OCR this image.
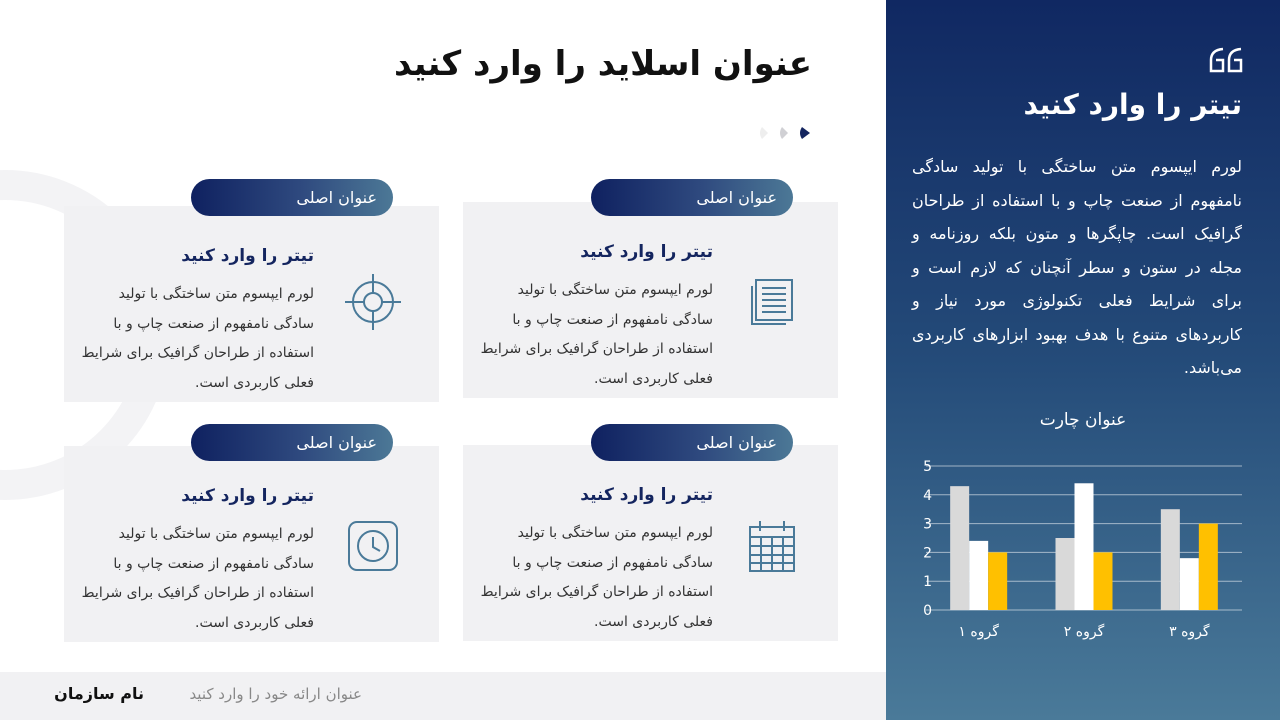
عنوان اسلاید را وارد کنید
تیتر را وارد کنید
لورم ایپسوم متن ساختگی با تولید سادگی نامفهوم از صنعت چاپ و با استفاده از طراحان گرافیک برای شرایط فعلی کاربردی است.
عنوان اصلی
تیتر را وارد کنید
لورم ایپسوم متن ساختگی با تولید سادگی نامفهوم از صنعت چاپ و با استفاده از طراحان گرافیک برای شرایط فعلی کاربردی است.
عنوان اصلی
تیتر را وارد کنید
لورم ایپسوم متن ساختگی با تولید سادگی نامفهوم از صنعت چاپ و با استفاده از طراحان گرافیک برای شرایط فعلی کاربردی است.
عنوان اصلی
تیتر را وارد کنید
لورم ایپسوم متن ساختگی با تولید سادگی نامفهوم از صنعت چاپ و با استفاده از طراحان گرافیک برای شرایط فعلی کاربردی است.
عنوان اصلی
تیتر را وارد کنید
لورم ایپسوم متن ساختگی با تولید سادگی نامفهوم از صنعت چاپ و با استفاده از طراحان گرافیک است. چاپگرها و متون بلکه روزنامه و مجله در ستون و سطر آنچنان که لازم است و برای شرایط فعلی تکنولوژی مورد نیاز و کاربردهای متنوع با هدف بهبود ابزارهای کاربردی می‌باشد.
عنوان چارت
0
1
2
3
4
5
گروه ۱	گروه ۲	گروه ۳
نام سازمان	عنوان ارائه خود را وارد کنید
